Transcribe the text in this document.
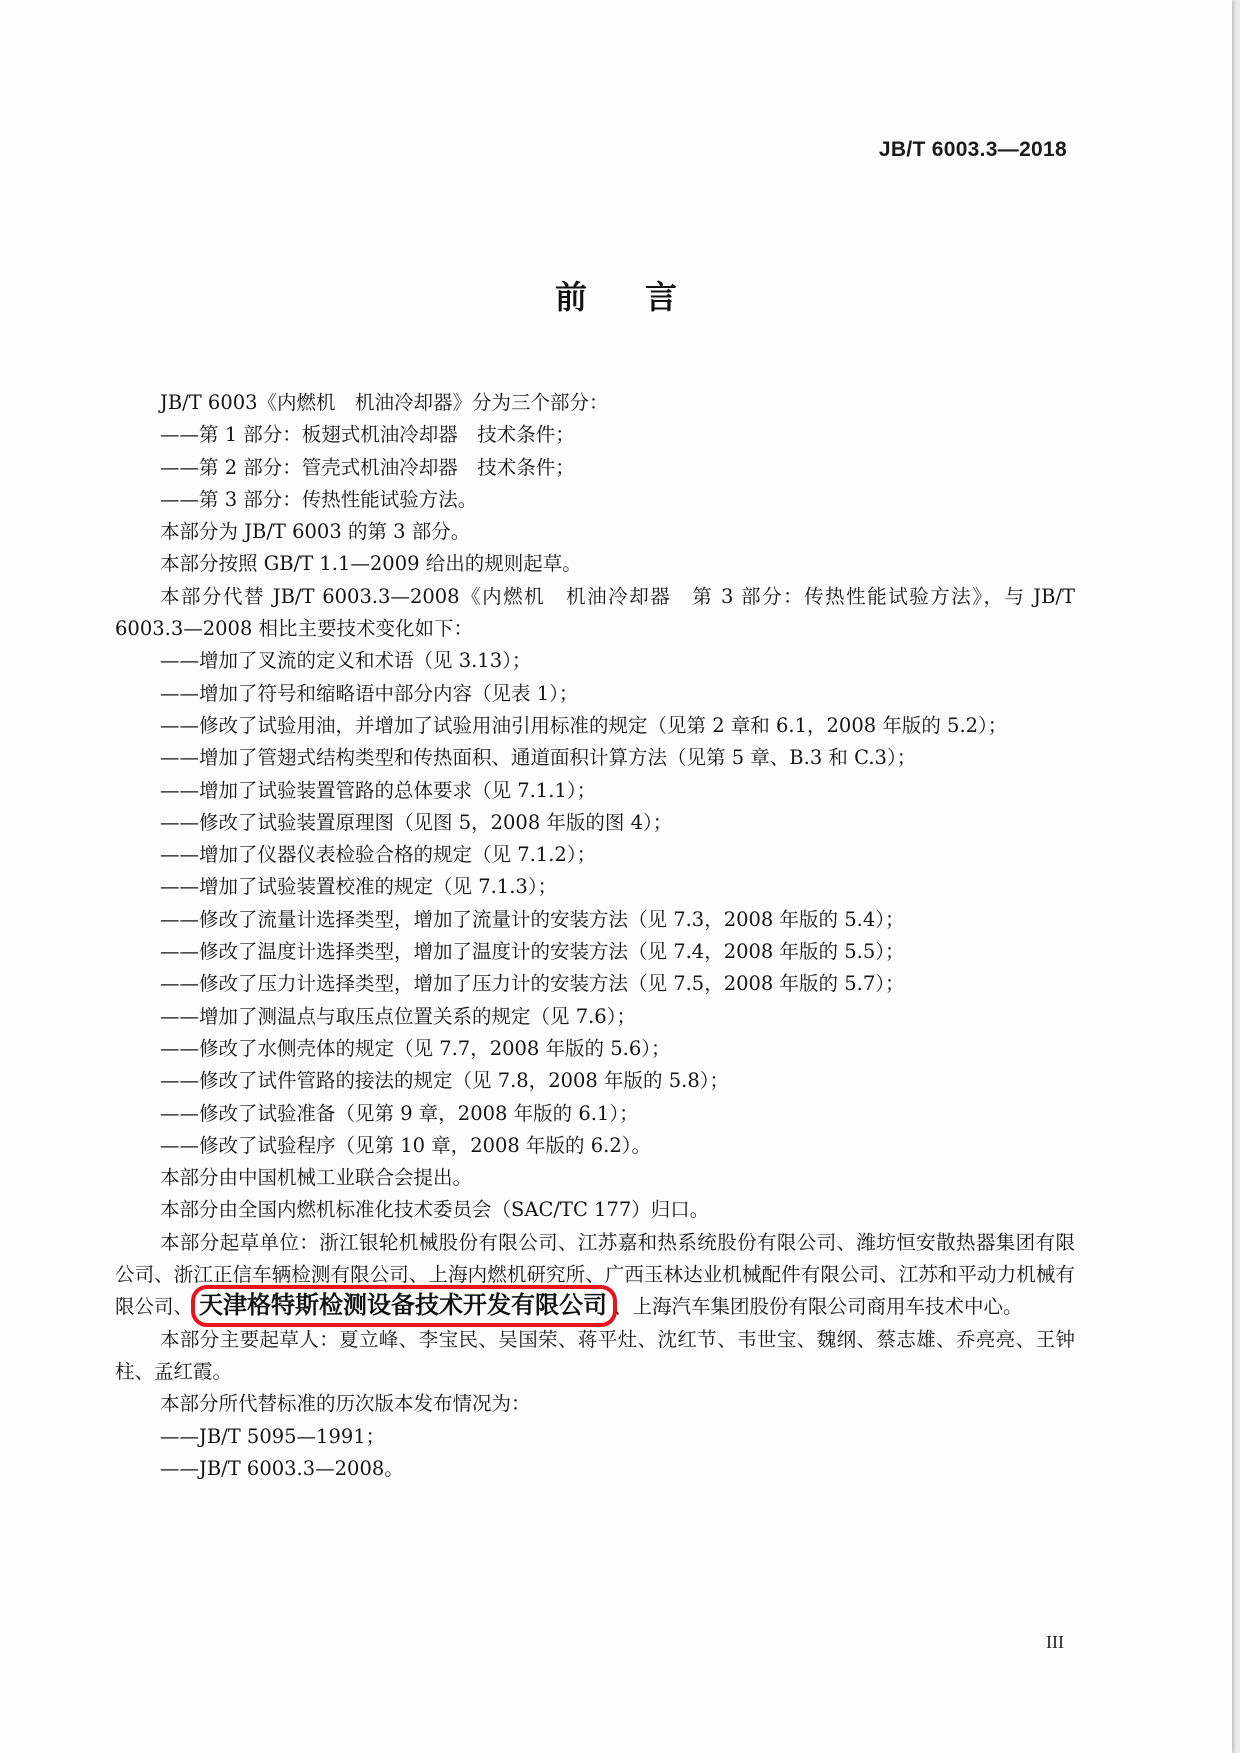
JB/T 6003.3—2018
前言

JB/T 6003《内燃机　机油冷却器》分为三个部分：

——第 1 部分：板翅式机油冷却器　技术条件；

——第 2 部分：管壳式机油冷却器　技术条件；

——第 3 部分：传热性能试验方法。

本部分为 JB/T 6003 的第 3 部分。

本部分按照 GB/T 1.1—2009 给出的规则起草。

本部分代替 JB/T 6003.3—2008《内燃机　机油冷却器　第 3 部分：传热性能试验方法》，与 JB/T 6003.3—2008 相比主要技术变化如下：

——增加了叉流的定义和术语（见 3.13）；

——增加了符号和缩略语中部分内容（见表 1）；

——修改了试验用油，并增加了试验用油引用标准的规定（见第 2 章和 6.1，2008 年版的 5.2）；

——增加了管翅式结构类型和传热面积、通道面积计算方法（见第 5 章、B.3 和 C.3）；

——增加了试验装置管路的总体要求（见 7.1.1）；

——修改了试验装置原理图（见图 5，2008 年版的图 4）；

——增加了仪器仪表检验合格的规定（见 7.1.2）；

——增加了试验装置校准的规定（见 7.1.3）；

——修改了流量计选择类型，增加了流量计的安装方法（见 7.3，2008 年版的 5.4）；

——修改了温度计选择类型，增加了温度计的安装方法（见 7.4，2008 年版的 5.5）；

——修改了压力计选择类型，增加了压力计的安装方法（见 7.5，2008 年版的 5.7）；

——增加了测温点与取压点位置关系的规定（见 7.6）；

——修改了水侧壳体的规定（见 7.7，2008 年版的 5.6）；

——修改了试件管路的接法的规定（见 7.8，2008 年版的 5.8）；

——修改了试验准备（见第 9 章，2008 年版的 6.1）；

——修改了试验程序（见第 10 章，2008 年版的 6.2）。

本部分由中国机械工业联合会提出。

本部分由全国内燃机标准化技术委员会（SAC/TC 177）归口。

本部分起草单位：浙江银轮机械股份有限公司、江苏嘉和热系统股份有限公司、潍坊恒安散热器集团有限公司、浙江正信车辆检测有限公司、上海内燃机研究所、广西玉林达业机械配件有限公司、江苏和平动力机械有限公司、 天津格特斯检测设备技术开发有限公司 、上海汽车集团股份有限公司商用车技术中心。

本部分主要起草人：夏立峰、李宝民、吴国荣、蒋平灶、沈红节、韦世宝、魏纲、蔡志雄、乔亮亮、王钟柱、孟红霞。

本部分所代替标准的历次版本发布情况为：

——JB/T 5095—1991；

——JB/T 6003.3—2008。

III
